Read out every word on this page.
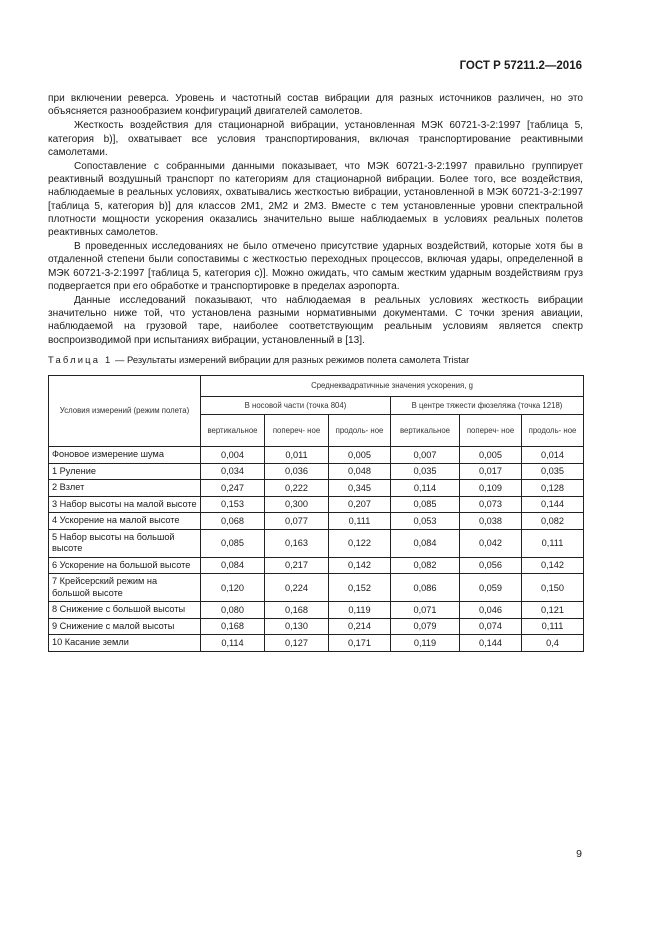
ГОСТ Р 57211.2—2016

при включении реверса. Уровень и частотный состав вибрации для разных источников различен, но это объясняется разнообразием конфигураций двигателей самолетов.

Жесткость воздействия для стационарной вибрации, установленная МЭК 60721-3-2:1997 [таблица 5, категория b)], охватывает все условия транспортирования, включая транспортирование реактивными самолетами.

Сопоставление с собранными данными показывает, что МЭК 60721-3-2:1997 правильно группирует реактивный воздушный транспорт по категориям для стационарной вибрации. Более того, все воздействия, наблюдаемые в реальных условиях, охватывались жесткостью вибрации, установленной в МЭК 60721-3-2:1997 [таблица 5, категория b)] для классов 2М1, 2М2 и 2М3. Вместе с тем установленные уровни спектральной плотности мощности ускорения оказались значительно выше наблюдаемых в условиях реальных полетов реактивных самолетов.

В проведенных исследованиях не было отмечено присутствие ударных воздействий, которые хотя бы в отдаленной степени были сопоставимы с жесткостью переходных процессов, включая удары, определенной в МЭК 60721-3-2:1997 [таблица 5, категория с)]. Можно ожидать, что самым жестким ударным воздействиям груз подвергается при его обработке и транспортировке в пределах аэропорта.

Данные исследований показывают, что наблюдаемая в реальных условиях жесткость вибрации значительно ниже той, что установлена разными нормативными документами. С точки зрения авиации, наблюдаемой на грузовой таре, наиболее соответствующим реальным условиям является спектр воспроизводимой при испытаниях вибрации, установленный в [13].

Таблица 1 — Результаты измерений вибрации для разных режимов полета самолета Tristar
Условия измерений (режим полета)	Среднеквадратичные значения ускорения, g					
	В носовой части (точка 804)			В центре тяжести фюзеляжа (точка 1218)		
	вертикальное	попереч- ное	продоль- ное	вертикальное	попереч- ное	продоль- ное
Фоновое измерение шума	0,004	0,011	0,005	0,007	0,005	0,014
1 Руление	0,034	0,036	0,048	0,035	0,017	0,035
2 Взлет	0,247	0,222	0,345	0,114	0,109	0,128
3 Набор высоты на малой высоте	0,153	0,300	0,207	0,085	0,073	0,144
4 Ускорение на малой высоте	0,068	0,077	0,111	0,053	0,038	0,082
5 Набор высоты на большой высоте	0,085	0,163	0,122	0,084	0,042	0,111
6 Ускорение на большой высоте	0,084	0,217	0,142	0,082	0,056	0,142
7 Крейсерский режим на большой высоте	0,120	0,224	0,152	0,086	0,059	0,150
8 Снижение с большой высоты	0,080	0,168	0,119	0,071	0,046	0,121
9 Снижение с малой высоты	0,168	0,130	0,214	0,079	0,074	0,111
10 Касание земли	0,114	0,127	0,171	0,119	0,144	0,4
9
